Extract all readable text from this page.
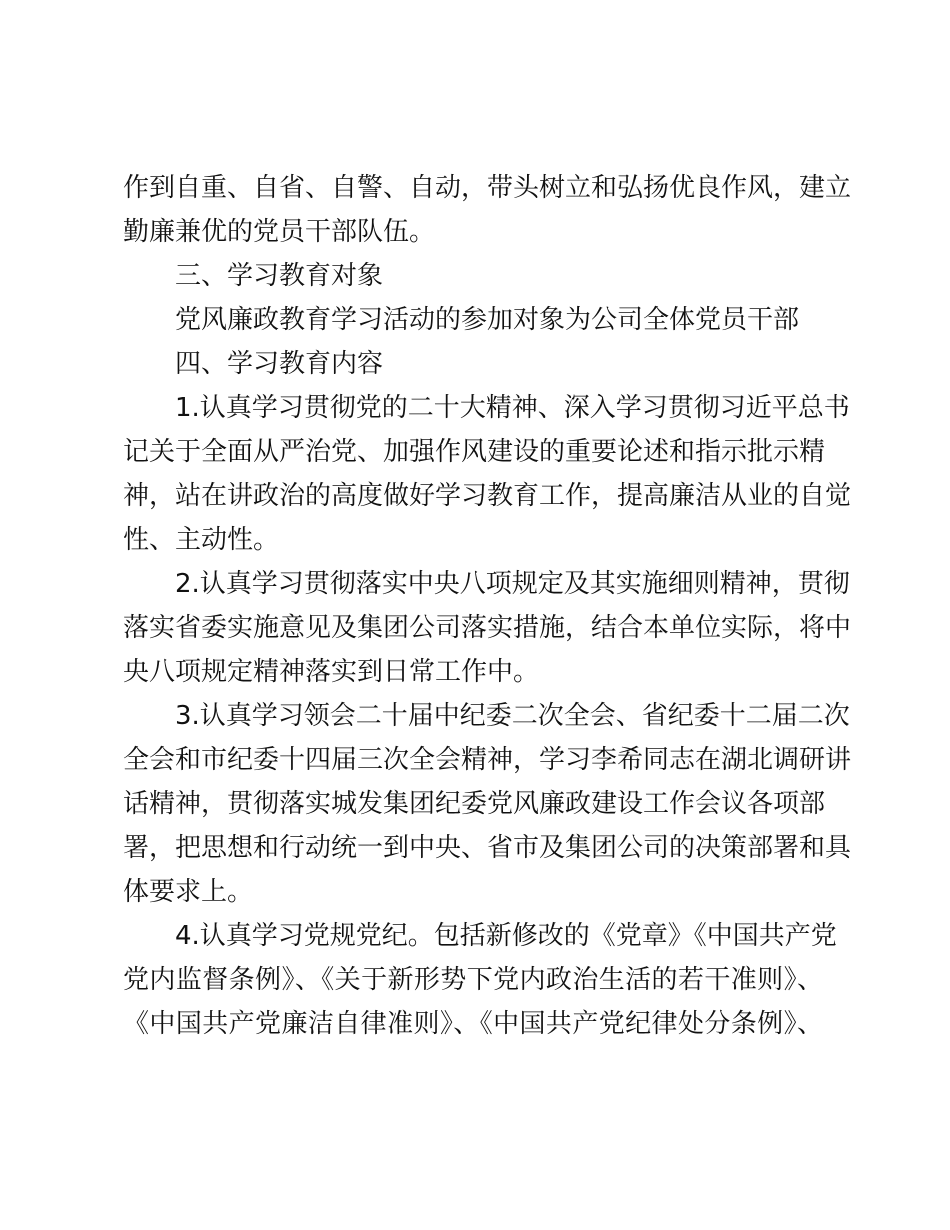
作到自重、自省、自警、自动，带头树立和弘扬优良作风，建立
勤廉兼优的党员干部队伍。
三、学习教育对象
党风廉政教育学习活动的参加对象为公司全体党员干部
四、学习教育内容
1.认真学习贯彻党的二十大精神、深入学习贯彻习近平总书
记关于全面从严治党、加强作风建设的重要论述和指示批示精
神，站在讲政治的高度做好学习教育工作，提高廉洁从业的自觉
性、主动性。
2.认真学习贯彻落实中央八项规定及其实施细则精神，贯彻
落实省委实施意见及集团公司落实措施，结合本单位实际，将中
央八项规定精神落实到日常工作中。
3.认真学习领会二十届中纪委二次全会、省纪委十二届二次
全会和市纪委十四届三次全会精神，学习李希同志在湖北调研讲
话精神，贯彻落实城发集团纪委党风廉政建设工作会议各项部
署，把思想和行动统一到中央、省市及集团公司的决策部署和具
体要求上。
4.认真学习党规党纪。包括新修改的《党章》《中国共产党
党内监督条例》、《关于新形势下党内政治生活的若干准则》、
《中国共产党廉洁自律准则》、《中国共产党纪律处分条例》、
